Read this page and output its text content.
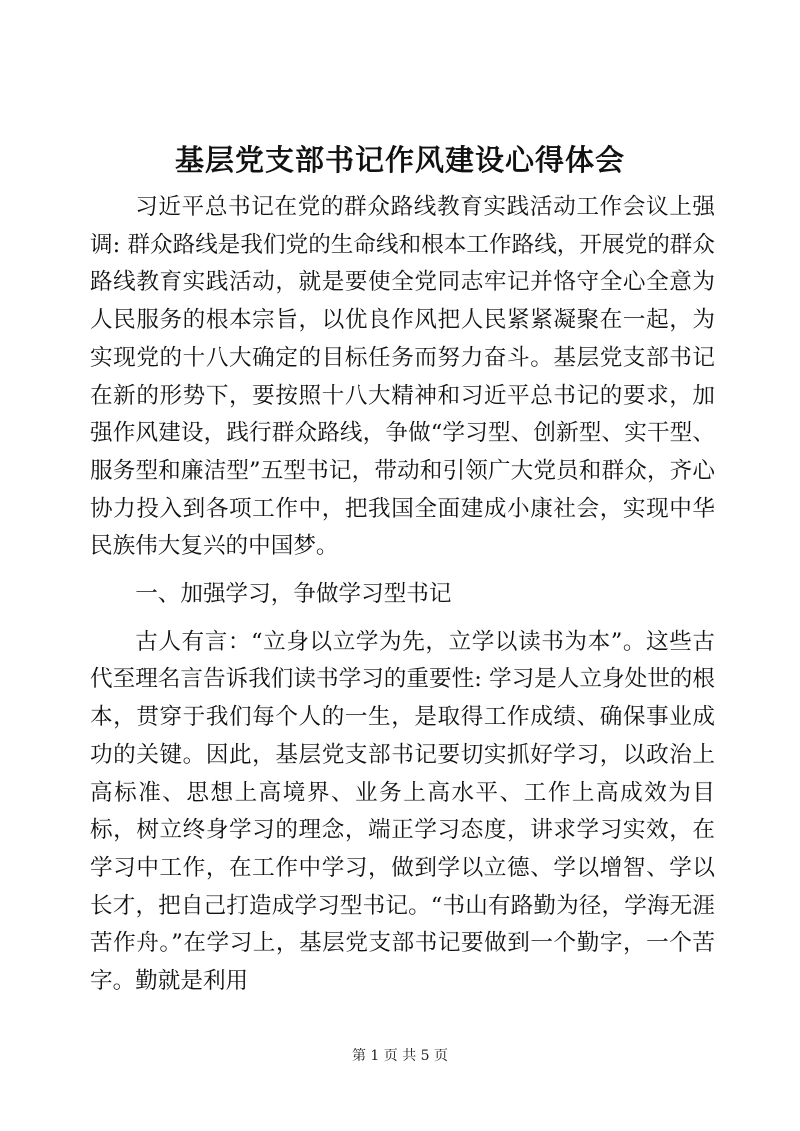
基层党支部书记作风建设心得体会

习近平总书记在党的群众路线教育实践活动工作会议上强调: 群众路线是我们党的生命线和根本工作路线，开展党的群众路线教育实践活动，就是要使全党同志牢记并恪守全心全意为人民服务的根本宗旨，以优良作风把人民紧紧凝聚在一起，为实现党的十八大确定的目标任务而努力奋斗。基层党支部书记在新的形势下，要按照十八大精神和习近平总书记的要求，加强作风建设，践行群众路线，争做“学习型、创新型、实干型、服务型和廉洁型”五型书记，带动和引领广大党员和群众，齐心协力投入到各项工作中，把我国全面建成小康社会，实现中华民族伟大复兴的中国梦。

一、加强学习，争做学习型书记

古人有言：“立身以立学为先，立学以读书为本”。这些古代至理名言告诉我们读书学习的重要性: 学习是人立身处世的根本，贯穿于我们每个人的一生，是取得工作成绩、确保事业成功的关键。因此，基层党支部书记要切实抓好学习，以政治上高标准、思想上高境界、业务上高水平、工作上高成效为目标，树立终身学习的理念，端正学习态度，讲求学习实效，在学习中工作，在工作中学习，做到学以立德、学以增智、学以长才，把自己打造成学习型书记。“书山有路勤为径，学海无涯苦作舟。”在学习上，基层党支部书记要做到一个勤字，一个苦字。勤就是利用

第 1 页 共 5 页
